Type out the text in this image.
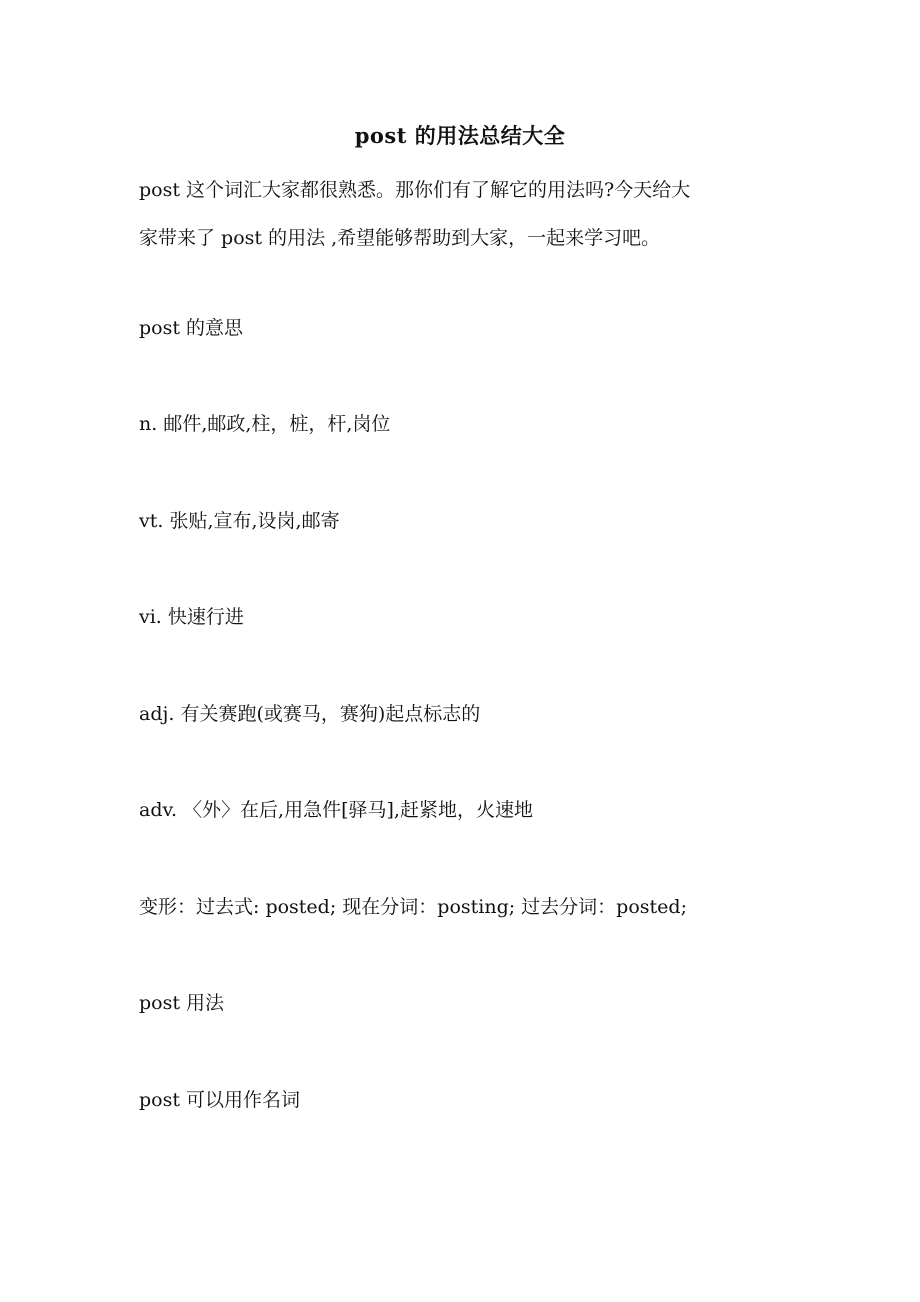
post 的用法总结大全
post 这个词汇大家都很熟悉。那你们有了解它的用法吗?今天给大
家带来了 post 的用法 ,希望能够帮助到大家，一起来学习吧。
post 的意思
n. 邮件,邮政,柱，桩，杆,岗位
vt. 张贴,宣布,设岗,邮寄
vi. 快速行进
adj. 有关赛跑(或赛马，赛狗)起点标志的
adv. 〈外〉在后,用急件[驿马],赶紧地，火速地
变形：过去式: posted; 现在分词：posting; 过去分词：posted;
post 用法
post 可以用作名词
